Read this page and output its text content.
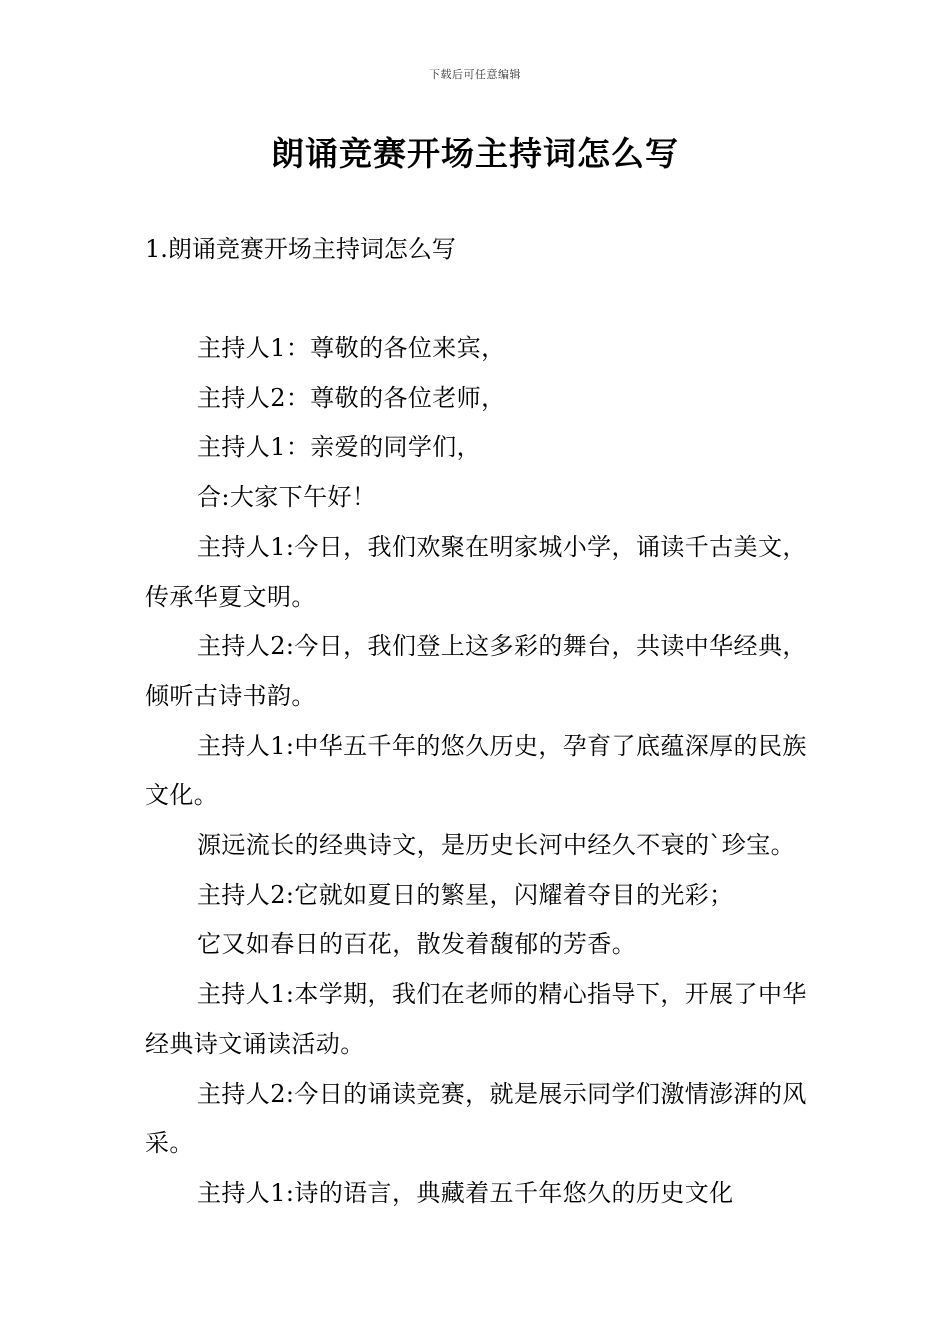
下载后可任意编辑
朗诵竞赛开场主持词怎么写
1.朗诵竞赛开场主持词怎么写

主持人1：尊敬的各位来宾，

主持人2：尊敬的各位老师，

主持人1：亲爱的同学们，

合:大家下午好！

主持人1:今日，我们欢聚在明家城小学，诵读千古美文，传承华夏文明。

主持人2:今日，我们登上这多彩的舞台，共读中华经典，倾听古诗书韵。

主持人1:中华五千年的悠久历史，孕育了底蕴深厚的民族文化。

源远流长的经典诗文，是历史长河中经久不衰的`珍宝。

主持人2:它就如夏日的繁星，闪耀着夺目的光彩；

它又如春日的百花，散发着馥郁的芳香。

主持人1:本学期，我们在老师的精心指导下，开展了中华经典诗文诵读活动。

主持人2:今日的诵读竞赛，就是展示同学们激情澎湃的风采。

主持人1:诗的语言，典藏着五千年悠久的历史文化
